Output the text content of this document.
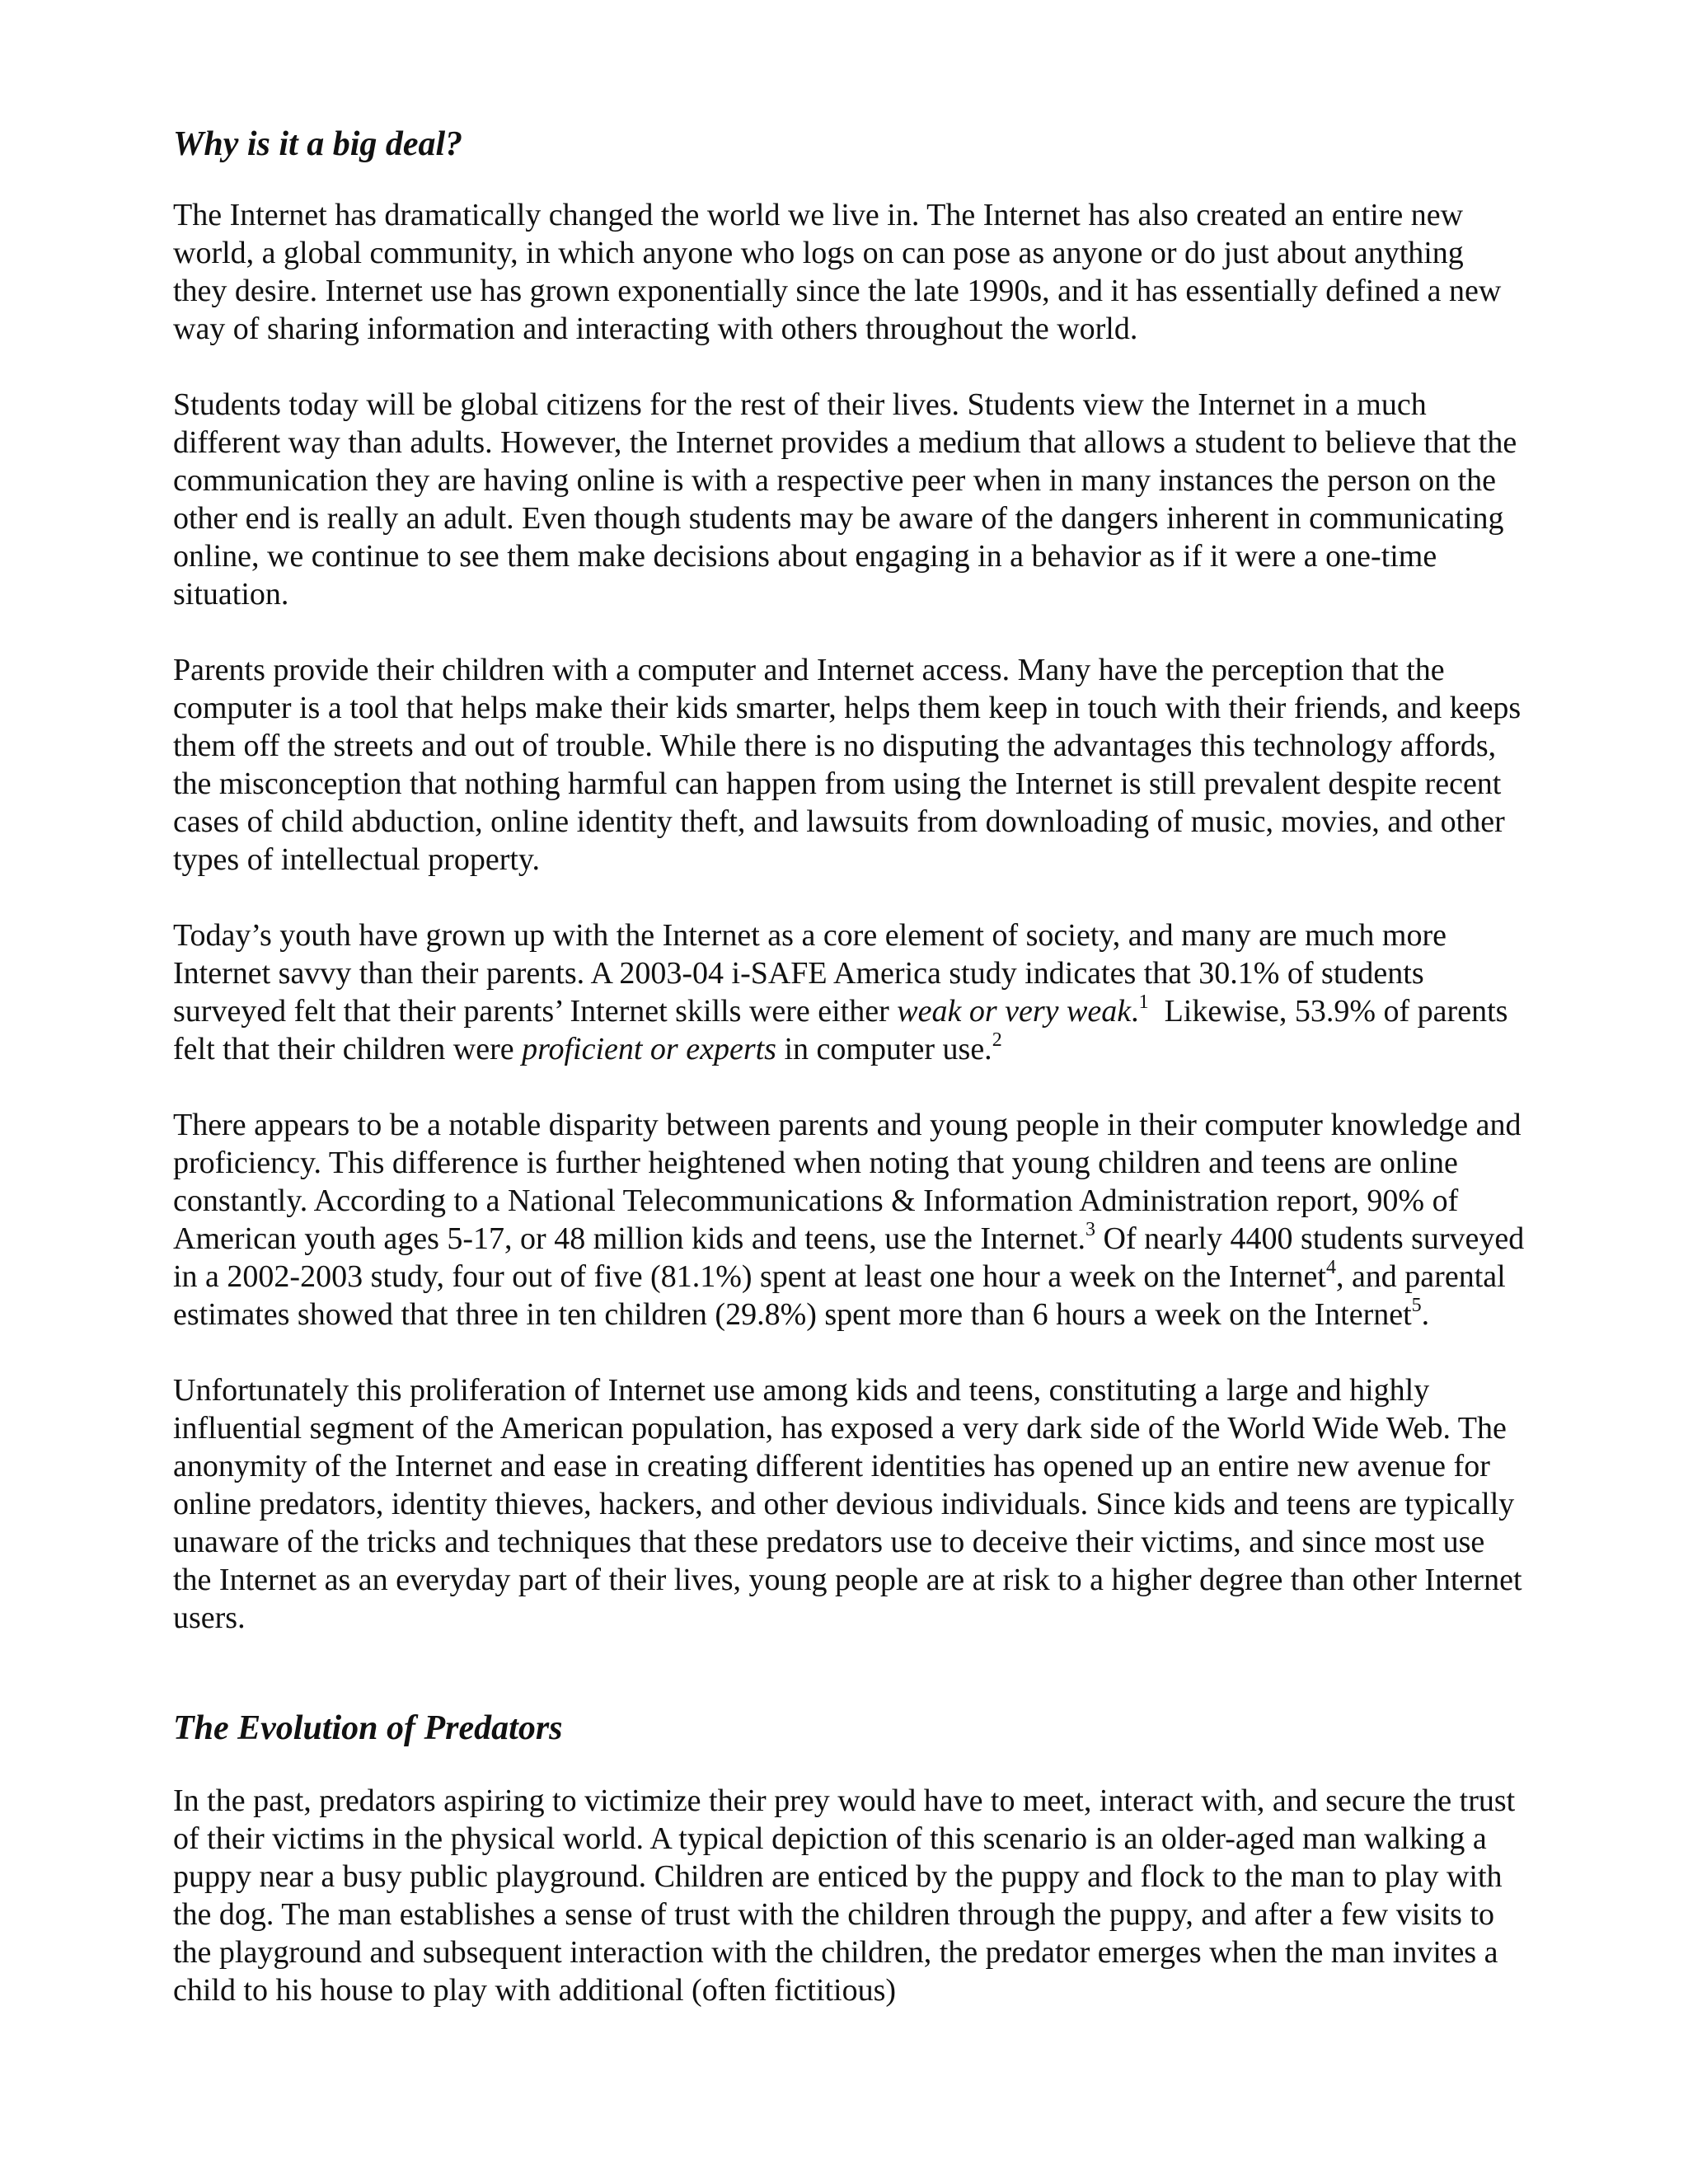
Why is it a big deal?

The Internet has dramatically changed the world we live in. The Internet has also created an entire new world, a global community, in which anyone who logs on can pose as anyone or do just about anything they desire. Internet use has grown exponentially since the late 1990s, and it has essentially defined a new way of sharing information and interacting with others throughout the world.

Students today will be global citizens for the rest of their lives. Students view the Internet in a much different way than adults. However, the Internet provides a medium that allows a student to believe that the communication they are having online is with a respective peer when in many instances the person on the other end is really an adult. Even though students may be aware of the dangers inherent in communicating online, we continue to see them make decisions about engaging in a behavior as if it were a one-time situation.

Parents provide their children with a computer and Internet access. Many have the perception that the computer is a tool that helps make their kids smarter, helps them keep in touch with their friends, and keeps them off the streets and out of trouble. While there is no disputing the advantages this technology affords, the misconception that nothing harmful can happen from using the Internet is still prevalent despite recent cases of child abduction, online identity theft, and lawsuits from downloading of music, movies, and other types of intellectual property.

Today’s youth have grown up with the Internet as a core element of society, and many are much more Internet savvy than their parents. A 2003-04 i-SAFE America study indicates that 30.1% of students surveyed felt that their parents’ Internet skills were either weak or very weak.$^1$  Likewise, 53.9% of parents felt that their children were proficient or experts in computer use.$^2$

There appears to be a notable disparity between parents and young people in their computer knowledge and proficiency. This difference is further heightened when noting that young children and teens are online constantly. According to a National Telecommunications & Information Administration report, 90% of American youth ages 5-17, or 48 million kids and teens, use the Internet.$^3$ Of nearly 4400 students surveyed in a 2002-2003 study, four out of five (81.1%) spent at least one hour a week on the Internet$^4$, and parental estimates showed that three in ten children (29.8%) spent more than 6 hours a week on the Internet$^5$.

Unfortunately this proliferation of Internet use among kids and teens, constituting a large and highly influential segment of the American population, has exposed a very dark side of the World Wide Web. The anonymity of the Internet and ease in creating different identities has opened up an entire new avenue for online predators, identity thieves, hackers, and other devious individuals. Since kids and teens are typically unaware of the tricks and techniques that these predators use to deceive their victims, and since most use the Internet as an everyday part of their lives, young people are at risk to a higher degree than other Internet users.

The Evolution of Predators

In the past, predators aspiring to victimize their prey would have to meet, interact with, and secure the trust of their victims in the physical world. A typical depiction of this scenario is an older-aged man walking a puppy near a busy public playground. Children are enticed by the puppy and flock to the man to play with the dog. The man establishes a sense of trust with the children through the puppy, and after a few visits to the playground and subsequent interaction with the children, the predator emerges when the man invites a child to his house to play with additional (often fictitious)
